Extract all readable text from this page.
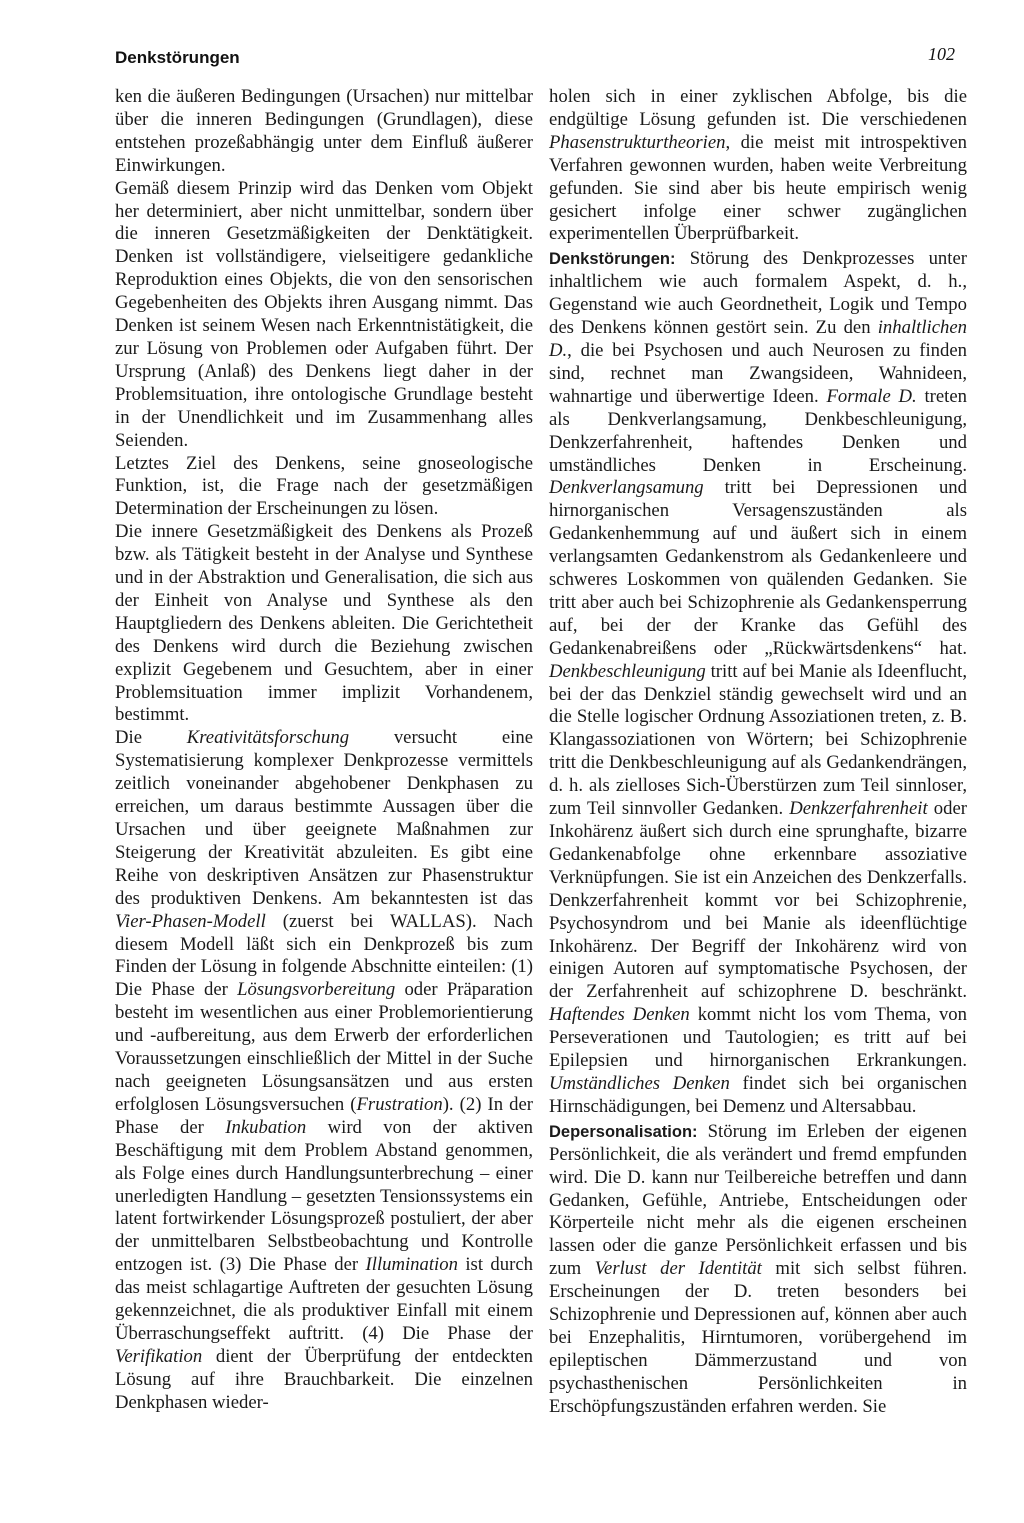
Denkstörungen	102

ken die äußeren Bedingungen (Ursachen) nur mittelbar über die inneren Bedingungen (Grundlagen), diese entstehen prozeßabhängig unter dem Einfluß äußerer Einwirkungen.

Gemäß diesem Prinzip wird das Denken vom Objekt her determiniert, aber nicht unmittelbar, sondern über die inneren Gesetzmäßigkeiten der Denktätigkeit. Denken ist vollständigere, vielseitigere gedankliche Reproduktion eines Objekts, die von den sensorischen Gegebenheiten des Objekts ihren Ausgang nimmt. Das Denken ist seinem Wesen nach Erkenntnistätigkeit, die zur Lösung von Problemen oder Aufgaben führt. Der Ursprung (Anlaß) des Denkens liegt daher in der Problemsituation, ihre ontologische Grundlage besteht in der Unendlichkeit und im Zusammenhang alles Seienden.

Letztes Ziel des Denkens, seine gnoseologische Funktion, ist, die Frage nach der gesetzmäßigen Determination der Erscheinungen zu lösen.

Die innere Gesetzmäßigkeit des Denkens als Prozeß bzw. als Tätigkeit besteht in der Analyse und Synthese und in der Abstraktion und Generalisation, die sich aus der Einheit von Analyse und Synthese als den Hauptgliedern des Denkens ableiten. Die Gerichtetheit des Denkens wird durch die Beziehung zwischen explizit Gegebenem und Gesuchtem, aber in einer Problemsituation immer implizit Vorhandenem, bestimmt.

Die Kreativitätsforschung versucht eine Systematisierung komplexer Denkprozesse vermittels zeitlich voneinander abgehobener Denkphasen zu erreichen, um daraus bestimmte Aussagen über die Ursachen und über geeignete Maßnahmen zur Steigerung der Kreativität abzuleiten. Es gibt eine Reihe von deskriptiven Ansätzen zur Phasenstruktur des produktiven Denkens. Am bekanntesten ist das Vier-Phasen-Modell (zuerst bei WALLAS). Nach diesem Modell läßt sich ein Denkprozeß bis zum Finden der Lösung in folgende Abschnitte einteilen: (1) Die Phase der Lösungsvorbereitung oder Präparation besteht im wesentlichen aus einer Problemorientierung und -aufbereitung, aus dem Erwerb der erforderlichen Voraussetzungen einschließlich der Mittel in der Suche nach geeigneten Lösungsansätzen und aus ersten erfolglosen Lösungsversuchen (Frustration). (2) In der Phase der Inkubation wird von der aktiven Beschäftigung mit dem Problem Abstand genommen, als Folge eines durch Handlungsunterbrechung – einer unerledigten Handlung – gesetzten Tensionssystems ein latent fortwirkender Lösungsprozeß postuliert, der aber der unmittelbaren Selbstbeobachtung und Kontrolle entzogen ist. (3) Die Phase der Illumination ist durch das meist schlagartige Auftreten der gesuchten Lösung gekennzeichnet, die als produktiver Einfall mit einem Überraschungseffekt auftritt. (4) Die Phase der Verifikation dient der Überprüfung der entdeckten Lösung auf ihre Brauchbarkeit. Die einzelnen Denkphasen wieder-

holen sich in einer zyklischen Abfolge, bis die endgültige Lösung gefunden ist. Die verschiedenen Phasenstrukturtheorien, die meist mit introspektiven Verfahren gewonnen wurden, haben weite Verbreitung gefunden. Sie sind aber bis heute empirisch wenig gesichert infolge einer schwer zugänglichen experimentellen Überprüfbarkeit.

Denkstörungen: Störung des Denkprozesses unter inhaltlichem wie auch formalem Aspekt, d. h., Gegenstand wie auch Geordnetheit, Logik und Tempo des Denkens können gestört sein. Zu den inhaltlichen D., die bei Psychosen und auch Neurosen zu finden sind, rechnet man Zwangsideen, Wahnideen, wahnartige und überwertige Ideen. Formale D. treten als Denkverlangsamung, Denkbeschleunigung, Denkzerfahrenheit, haftendes Denken und umständliches Denken in Erscheinung. Denkverlangsamung tritt bei Depressionen und hirnorganischen Versagenszuständen als Gedankenhemmung auf und äußert sich in einem verlangsamten Gedankenstrom als Gedankenleere und schweres Loskommen von quälenden Gedanken. Sie tritt aber auch bei Schizophrenie als Gedankensperrung auf, bei der der Kranke das Gefühl des Gedankenabreißens oder „Rückwärtsdenkens“ hat. Denkbeschleunigung tritt auf bei Manie als Ideenflucht, bei der das Denkziel ständig gewechselt wird und an die Stelle logischer Ordnung Assoziationen treten, z. B. Klangassoziationen von Wörtern; bei Schizophrenie tritt die Denkbeschleunigung auf als Gedankendrängen, d. h. als zielloses Sich-Überstürzen zum Teil sinnloser, zum Teil sinnvoller Gedanken. Denkzerfahrenheit oder Inkohärenz äußert sich durch eine sprunghafte, bizarre Gedankenabfolge ohne erkennbare assoziative Verknüpfungen. Sie ist ein Anzeichen des Denkzerfalls. Denkzerfahrenheit kommt vor bei Schizophrenie, Psychosyndrom und bei Manie als ideenflüchtige Inkohärenz. Der Begriff der Inkohärenz wird von einigen Autoren auf symptomatische Psychosen, der der Zerfahrenheit auf schizophrene D. beschränkt. Haftendes Denken kommt nicht los vom Thema, von Perseverationen und Tautologien; es tritt auf bei Epilepsien und hirnorganischen Erkrankungen. Umständliches Denken findet sich bei organischen Hirnschädigungen, bei Demenz und Altersabbau.

Depersonalisation: Störung im Erleben der eigenen Persönlichkeit, die als verändert und fremd empfunden wird. Die D. kann nur Teilbereiche betreffen und dann Gedanken, Gefühle, Antriebe, Entscheidungen oder Körperteile nicht mehr als die eigenen erscheinen lassen oder die ganze Persönlichkeit erfassen und bis zum Verlust der Identität mit sich selbst führen. Erscheinungen der D. treten besonders bei Schizophrenie und Depressionen auf, können aber auch bei Enzephalitis, Hirntumoren, vorübergehend im epileptischen Dämmerzustand und von psychasthenischen Persönlichkeiten in Erschöpfungszuständen erfahren werden. Sie
